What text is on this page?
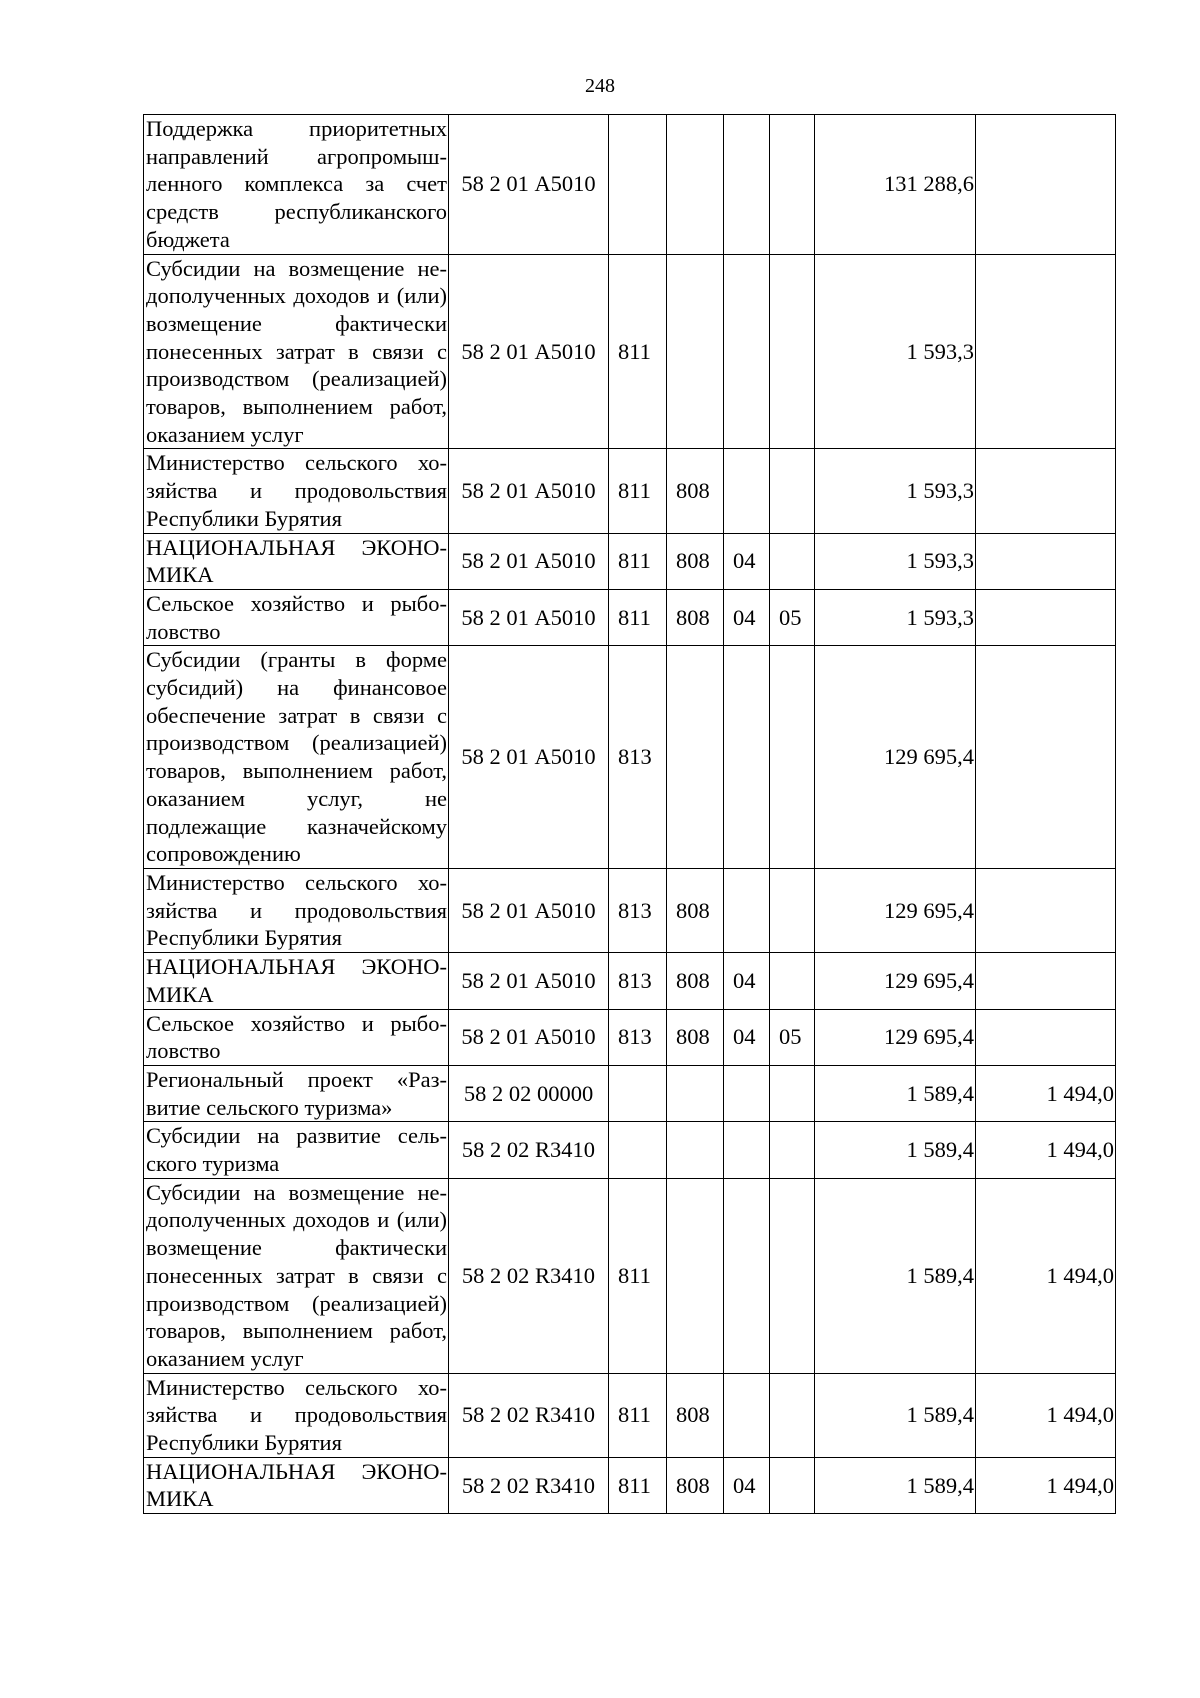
248
Поддержка приоритетных направлений агропромышленного комплекса за счет средств республиканского бюджета	58 2 01 А5010					131 288,6	
Субсидии на возмещение недополученных доходов и (или) возмещение фактически понесенных затрат в связи с производством (реализацией) товаров, выполнением работ, оказанием услуг	58 2 01 А5010	811				1 593,3	
Министерство сельского хозяйства и продовольствия Республики Бурятия	58 2 01 А5010	811	808			1 593,3	
НАЦИОНАЛЬНАЯ ЭКОНОМИКА	58 2 01 А5010	811	808	04		1 593,3	
Сельское хозяйство и рыболовство	58 2 01 А5010	811	808	04	05	1 593,3	
Субсидии (гранты в форме субсидий) на финансовое обеспечение затрат в связи с производством (реализацией) товаров, выполнением работ, оказанием услуг, не подлежащие казначейскому сопровождению	58 2 01 А5010	813				129 695,4	
Министерство сельского хозяйства и продовольствия Республики Бурятия	58 2 01 А5010	813	808			129 695,4	
НАЦИОНАЛЬНАЯ ЭКОНОМИКА	58 2 01 А5010	813	808	04		129 695,4	
Сельское хозяйство и рыболовство	58 2 01 А5010	813	808	04	05	129 695,4	
Региональный проект «Развитие сельского туризма»	58 2 02 00000					1 589,4	1 494,0
Субсидии на развитие сельского туризма	58 2 02 R3410					1 589,4	1 494,0
Субсидии на возмещение недополученных доходов и (или) возмещение фактически понесенных затрат в связи с производством (реализацией) товаров, выполнением работ, оказанием услуг	58 2 02 R3410	811				1 589,4	1 494,0
Министерство сельского хозяйства и продовольствия Республики Бурятия	58 2 02 R3410	811	808			1 589,4	1 494,0
НАЦИОНАЛЬНАЯ ЭКОНОМИКА	58 2 02 R3410	811	808	04		1 589,4	1 494,0
